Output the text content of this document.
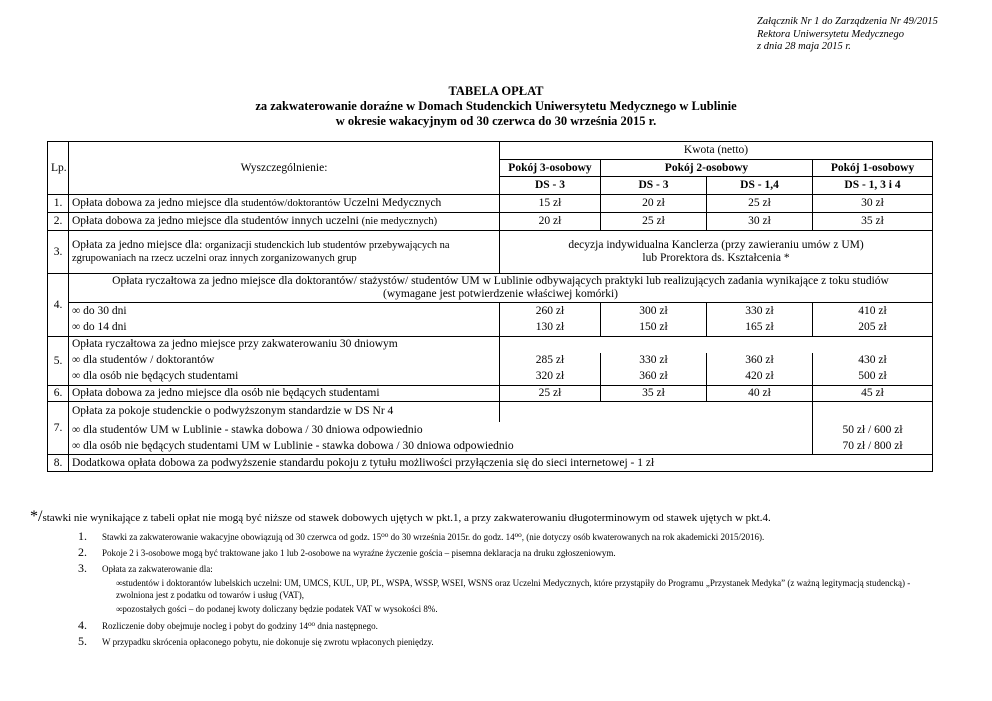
Załącznik Nr 1 do Zarządzenia Nr 49/2015
Rektora Uniwersytetu Medycznego
z dnia 28 maja 2015 r.
TABELA OPŁAT
za zakwaterowanie doraźne w Domach Studenckich Uniwersytetu Medycznego w Lublinie
w okresie wakacyjnym od 30 czerwca do 30 września 2015 r.
Lp.	Wyszczególnienie:	Kwota (netto)			
		Pokój 3-osobowy	Pokój 2-osobowy		Pokój 1-osobowy
		DS - 3	DS - 3	DS - 1,4	DS - 1, 3 i 4
1.	Opłata dobowa za jedno miejsce dla studentów/doktorantów Uczelni Medycznych	15 zł	20 zł	25 zł	30 zł
2.	Opłata dobowa za jedno miejsce dla studentów innych uczelni (nie medycznych)	20 zł	25 zł	30 zł	35 zł
3.	Opłata za jedno miejsce dla: organizacji studenckich lub studentów przebywających na zgrupowaniach na rzecz uczelni oraz innych zorganizowanych grup	decyzja indywidualna Kanclerza (przy zawieraniu umów z UM)
lub Prorektora ds. Kształcenia *			

4.	Opłata ryczałtowa za jedno miejsce dla doktorantów/ stażystów/ studentów UM w Lublinie odbywających praktyki lub realizujących zadania wynikające z toku studiów (wymagane jest potwierdzenie właściwej komórki)				
	∞ do 30 dni	260 zł	300 zł	330 zł	410 zł
	∞ do 14 dni	130 zł	150 zł	165 zł	205 zł
5.	Opłata ryczałtowa za jedno miejsce przy zakwaterowaniu 30 dniowym				
	∞ dla studentów / doktorantów	285 zł	330 zł	360 zł	430 zł
	∞ dla osób nie będących studentami	320 zł	360 zł	420 zł	500 zł
6.	Opłata dobowa za jedno miejsce dla osób nie będących studentami	25 zł	35 zł	40 zł	45 zł
7.	Opłata za pokoje studenckie o podwyższonym standardzie w DS Nr 4				
	∞ dla studentów UM w Lublinie - stawka dobowa / 30 dniowa odpowiednio				50 zł / 600 zł
	∞ dla osób nie będących studentami UM w Lublinie - stawka dobowa / 30 dniowa odpowiednio				70 zł / 800 zł
8.	Dodatkowa opłata dobowa za podwyższenie standardu pokoju z tytułu możliwości przyłączenia się do sieci internetowej - 1 zł				
*/stawki nie wynikające z tabeli opłat nie mogą być niższe od stawek dobowych ujętych w pkt.1, a przy zakwaterowaniu długoterminowym od stawek ujętych w pkt.4.
1. Stawki za zakwaterowanie wakacyjne obowiązują od 30 czerwca od godz. 15⁰⁰ do 30 września 2015r. do godz. 14⁰⁰, (nie dotyczy osób kwaterowanych na rok akademicki 2015/2016).
2. Pokoje 2 i 3-osobowe mogą być traktowane jako 1 lub 2-osobowe na wyraźne życzenie gościa – pisemna deklaracja na druku zgłoszeniowym.
3. Opłata za zakwaterowanie dla:
∞studentów i doktorantów lubelskich uczelni: UM, UMCS, KUL, UP, PL, WSPA, WSSP, WSEI, WSNS oraz Uczelni Medycznych, które przystąpiły do Programu „Przystanek Medyka” (z ważną legitymacją studencką) - zwolniona jest z podatku od towarów i usług (VAT),
∞pozostałych gości – do podanej kwoty doliczany będzie podatek VAT w wysokości 8%.
4. Rozliczenie doby obejmuje nocleg i pobyt do godziny 14⁰⁰ dnia następnego.
5. W przypadku skrócenia opłaconego pobytu, nie dokonuje się zwrotu wpłaconych pieniędzy.
